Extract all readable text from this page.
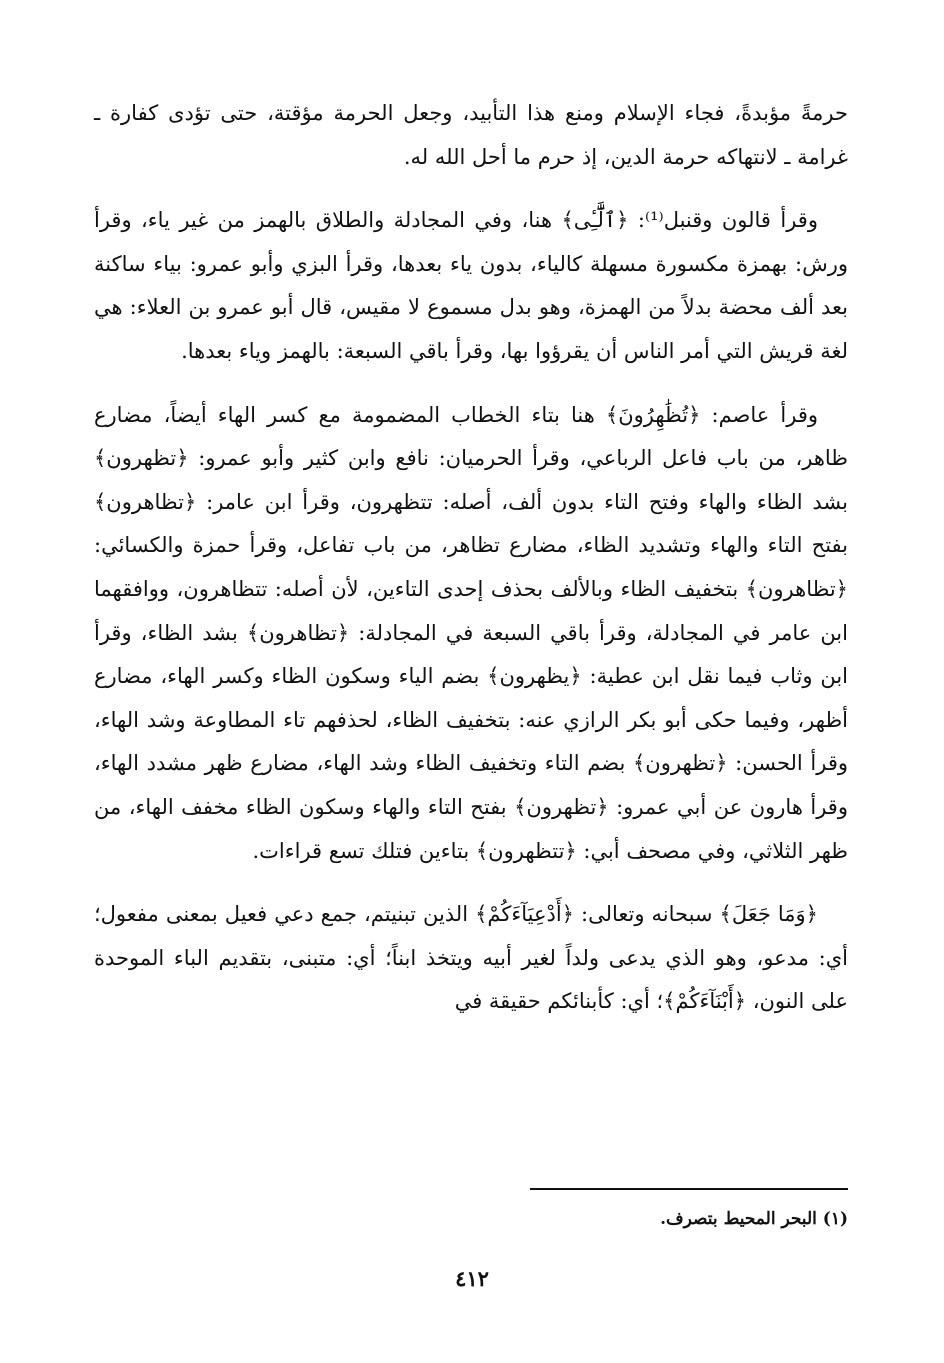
حرمةً مؤبدةً، فجاء الإسلام ومنع هذا التأبيد، وجعل الحرمة مؤقتة، حتى تؤدى كفارة ـ غرامة ـ لانتهاكه حرمة الدين، إذ حرم ما أحل الله له.

وقرأ قالون وقنبل⁽¹⁾: ﴿ٱلَّٰٓـِٔى﴾ هنا، وفي المجادلة والطلاق بالهمز من غير ياء، وقرأ ورش: بهمزة مكسورة مسهلة كالياء، بدون ياء بعدها، وقرأ البزي وأبو عمرو: بياء ساكنة بعد ألف محضة بدلاً من الهمزة، وهو بدل مسموع لا مقيس، قال أبو عمرو بن العلاء: هي لغة قريش التي أمر الناس أن يقرؤوا بها، وقرأ باقي السبعة: بالهمز وياء بعدها.

وقرأ عاصم: ﴿تُظَٰهِرُونَ﴾ هنا بتاء الخطاب المضمومة مع كسر الهاء أيضاً، مضارع ظاهر، من باب فاعل الرباعي، وقرأ الحرميان: نافع وابن كثير وأبو عمرو: ﴿تظهرون﴾ بشد الظاء والهاء وفتح التاء بدون ألف، أصله: تتظهرون، وقرأ ابن عامر: ﴿تظاهرون﴾ بفتح التاء والهاء وتشديد الظاء، مضارع تظاهر، من باب تفاعل، وقرأ حمزة والكسائي: ﴿تظاهرون﴾ بتخفيف الظاء وبالألف بحذف إحدى التاءين، لأن أصله: تتظاهرون، ووافقهما ابن عامر في المجادلة، وقرأ باقي السبعة في المجادلة: ﴿تظاهرون﴾ بشد الظاء، وقرأ ابن وثاب فيما نقل ابن عطية: ﴿يظهرون﴾ بضم الياء وسكون الظاء وكسر الهاء، مضارع أظهر، وفيما حكى أبو بكر الرازي عنه: بتخفيف الظاء، لحذفهم تاء المطاوعة وشد الهاء، وقرأ الحسن: ﴿تظهرون﴾ بضم التاء وتخفيف الظاء وشد الهاء، مضارع ظهر مشدد الهاء، وقرأ هارون عن أبي عمرو: ﴿تظهرون﴾ بفتح التاء والهاء وسكون الظاء مخفف الهاء، من ظهر الثلاثي، وفي مصحف أبي: ﴿تتظهرون﴾ بتاءين فتلك تسع قراءات.

﴿وَمَا جَعَلَ﴾ سبحانه وتعالى: ﴿أَدْعِيَآءَكُمْ﴾ الذين تبنيتم، جمع دعي فعيل بمعنى مفعول؛ أي: مدعو، وهو الذي يدعى ولداً لغير أبيه ويتخذ ابناً؛ أي: متبنى، بتقديم الباء الموحدة على النون، ﴿أَبْنَآءَكُمْ﴾؛ أي: كأبنائكم حقيقة في

(١) البحر المحيط بتصرف.
٤١٢
